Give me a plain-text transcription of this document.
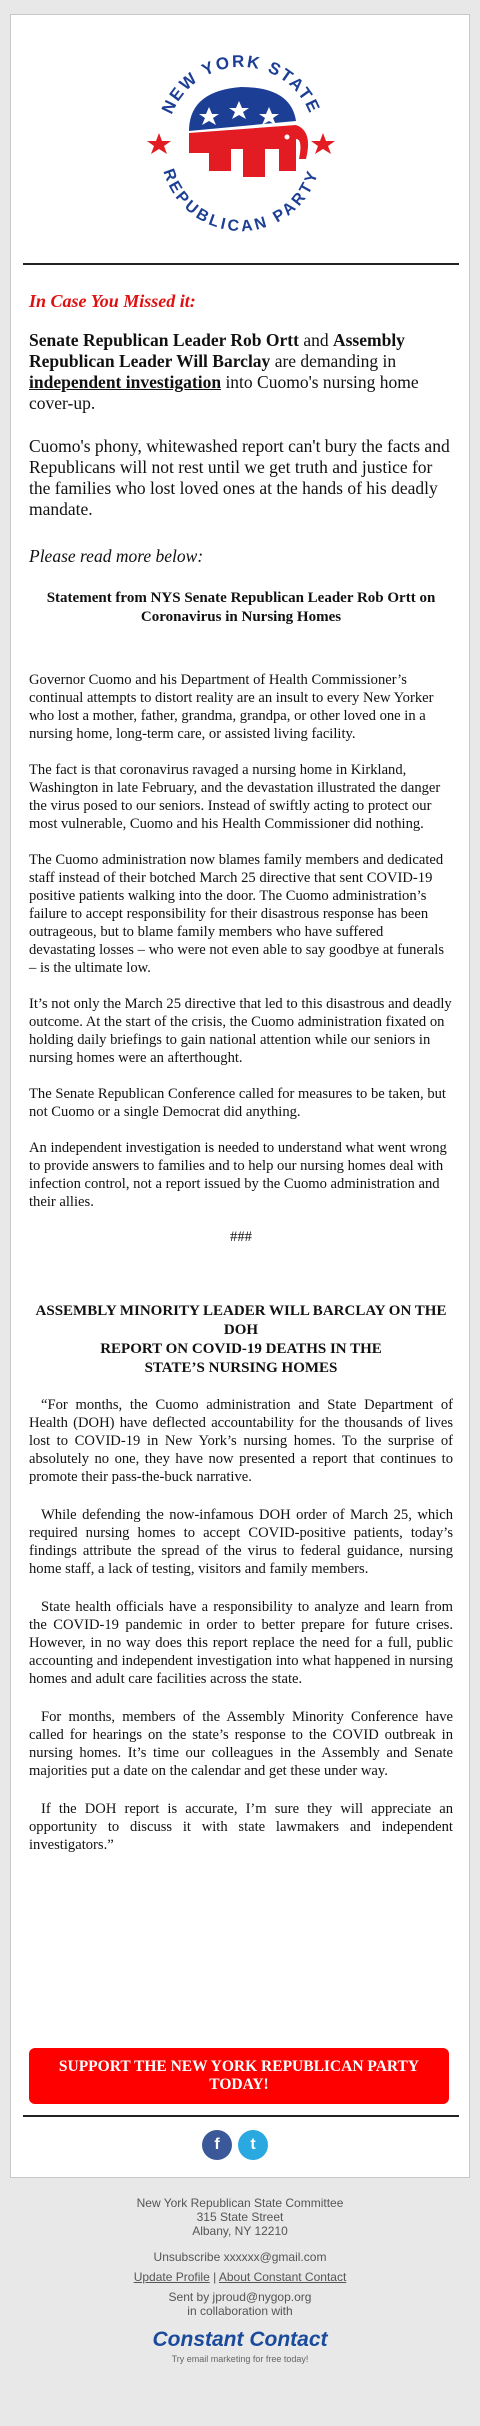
NEW YORK STATE
REPUBLICAN PARTY
In Case You Missed it:

Senate Republican Leader Rob Ortt and Assembly Republican Leader Will Barclay are demanding in independent investigation into Cuomo's nursing home cover-up.

Cuomo's phony, whitewashed report can't bury the facts and Republicans will not rest until we get truth and justice for the families who lost loved ones at the hands of his deadly mandate.

Please read more below:

Statement from NYS Senate Republican Leader Rob Ortt on Coronavirus in Nursing Homes

Governor Cuomo and his Department of Health Commissioner’s continual attempts to distort reality are an insult to every New Yorker who lost a mother, father, grandma, grandpa, or other loved one in a nursing home, long-term care, or assisted living facility.

The fact is that coronavirus ravaged a nursing home in Kirkland, Washington in late February, and the devastation illustrated the danger the virus posed to our seniors. Instead of swiftly acting to protect our most vulnerable, Cuomo and his Health Commissioner did nothing.

The Cuomo administration now blames family members and dedicated staff instead of their botched March 25 directive that sent COVID-19 positive patients walking into the door. The Cuomo administration’s failure to accept responsibility for their disastrous response has been outrageous, but to blame family members who have suffered devastating losses – who were not even able to say goodbye at funerals – is the ultimate low.

It’s not only the March 25 directive that led to this disastrous and deadly outcome. At the start of the crisis, the Cuomo administration fixated on holding daily briefings to gain national attention while our seniors in nursing homes were an afterthought.

The Senate Republican Conference called for measures to be taken, but not Cuomo or a single Democrat did anything.

An independent investigation is needed to understand what went wrong to provide answers to families and to help our nursing homes deal with infection control, not a report issued by the Cuomo administration and their allies.

###
ASSEMBLY MINORITY LEADER WILL BARCLAY ON THE DOH
REPORT ON COVID-19 DEATHS IN THE
STATE’S NURSING HOMES

“For months, the Cuomo administration and State Department of Health (DOH) have deflected accountability for the thousands of lives lost to COVID-19 in New York’s nursing homes. To the surprise of absolutely no one, they have now presented a report that continues to promote their pass-the-buck narrative.

While defending the now-infamous DOH order of March 25, which required nursing homes to accept COVID-positive patients, today’s findings attribute the spread of the virus to federal guidance, nursing home staff, a lack of testing, visitors and family members.

State health officials have a responsibility to analyze and learn from the COVID-19 pandemic in order to better prepare for future crises. However, in no way does this report replace the need for a full, public accounting and independent investigation into what happened in nursing homes and adult care facilities across the state.

For months, members of the Assembly Minority Conference have called for hearings on the state’s response to the COVID outbreak in nursing homes. It’s time our colleagues in the Assembly and Senate majorities put a date on the calendar and get these under way.

If the DOH report is accurate, I’m sure they will appreciate an opportunity to discuss it with state lawmakers and independent investigators.”

SUPPORT THE NEW YORK REPUBLICAN PARTY TODAY!
f	t
New York Republican State Committee
315 State Street
Albany, NY 12210
Unsubscribe xxxxxx@gmail.com
Update Profile | About Constant Contact
Sent by jproud@nygop.org
in collaboration with
Constant Contact
Try email marketing for free today!
